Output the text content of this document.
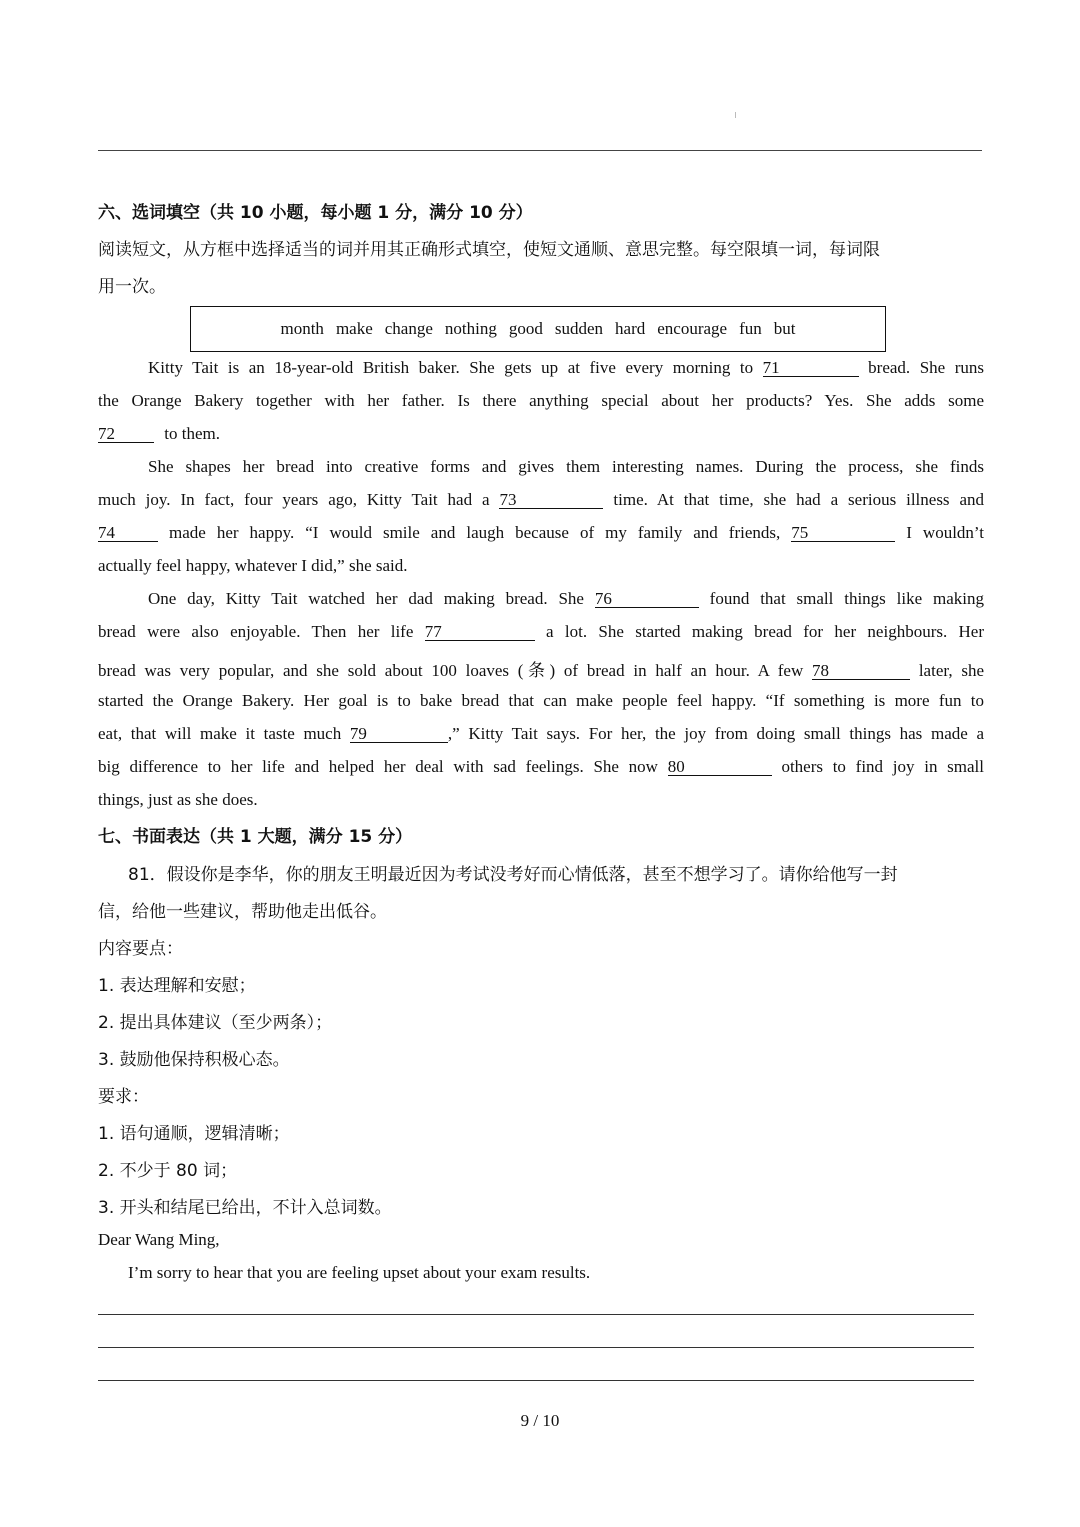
六、选词填空（共 10 小题，每小题 1 分，满分 10 分）
阅读短文，从方框中选择适当的词并用其正确形式填空，使短文通顺、意思完整。每空限填一词，每词限
用一次。
month make change nothing good sudden hard encourage fun but
Kitty Tait is an 18-year-old British baker. She gets up at five every morning to 71	bread. She runs
the Orange Bakery together with her father. Is there anything special about her products? Yes. She adds some
72	to them.
She shapes her bread into creative forms and gives them interesting names. During the process, she finds
much joy. In fact, four years ago, Kitty Tait had a 73	time. At that time, she had a serious illness and
74	made her happy. “I would smile and laugh because of my family and friends, 75	I wouldn’t
actually feel happy, whatever I did,” she said.
One day, Kitty Tait watched her dad making bread. She 76	found that small things like making
bread were also enjoyable. Then her life 77	a lot. She started making bread for her neighbours. Her
bread was very popular, and she sold about 100 loaves (条) of bread in half an hour. A few 78	later, she
started the Orange Bakery. Her goal is to bake bread that can make people feel happy. “If something is more fun to
eat, that will make it taste much 79	,” Kitty Tait says. For her, the joy from doing small things has made a
big difference to her life and helped her deal with sad feelings. She now 80	others to find joy in small
things, just as she does.
七、书面表达（共 1 大题，满分 15 分）
81．假设你是李华，你的朋友王明最近因为考试没考好而心情低落，甚至不想学习了。请你给他写一封
信，给他一些建议，帮助他走出低谷。
内容要点：
1. 表达理解和安慰；
2. 提出具体建议（至少两条）；
3. 鼓励他保持积极心态。
要求：
1. 语句通顺，逻辑清晰；
2. 不少于 80 词；
3. 开头和结尾已给出，不计入总词数。
Dear Wang Ming,
I’m sorry to hear that you are feeling upset about your exam results.
9 / 10
